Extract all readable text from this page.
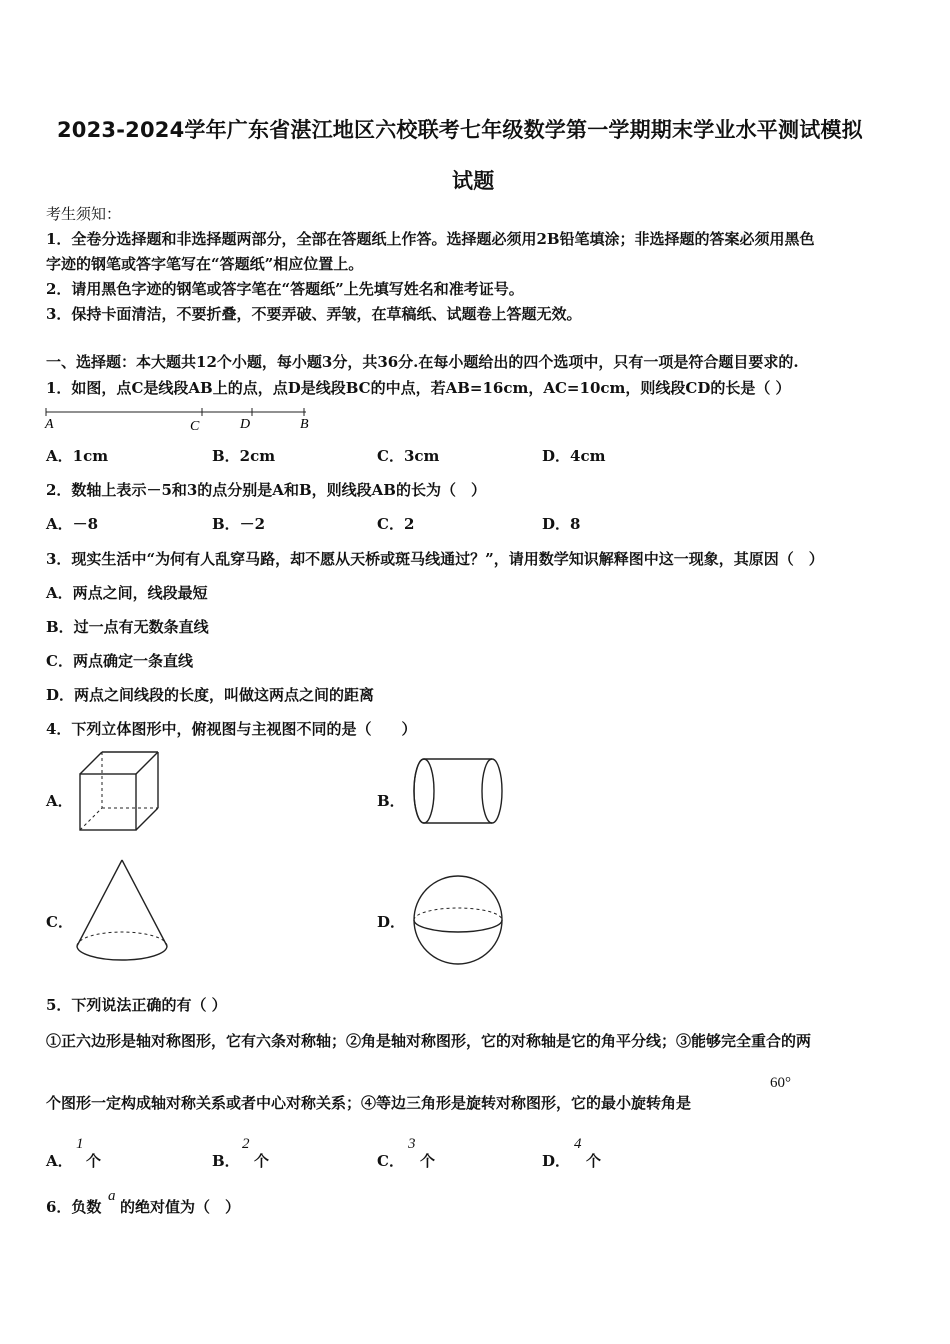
2023-2024学年广东省湛江地区六校联考七年级数学第一学期期末学业水平测试模拟
试题
考生须知：
1．全卷分选择题和非选择题两部分，全部在答题纸上作答。选择题必须用2B铅笔填涂；非选择题的答案必须用黑色
字迹的钢笔或答字笔写在“答题纸”相应位置上。
2．请用黑色字迹的钢笔或答字笔在“答题纸”上先填写姓名和准考证号。
3．保持卡面清洁，不要折叠，不要弄破、弄皱，在草稿纸、试题卷上答题无效。
一、选择题：本大题共12个小题，每小题3分，共36分.在每小题给出的四个选项中，只有一项是符合题目要求的.
1．如图，点C是线段AB上的点，点D是线段BC的中点，若AB=16cm，AC=10cm，则线段CD的长是（ ）
A	C	D	B
A．1cm	B．2cm	C．3cm	D．4cm
2．数轴上表示－5和3的点分别是A和B，则线段AB的长为（　）
A．－8	B．－2	C．2	D．8
3．现实生活中“为何有人乱穿马路，却不愿从天桥或斑马线通过？”，请用数学知识解释图中这一现象，其原因（　）
A．两点之间，线段最短
B．过一点有无数条直线
C．两点确定一条直线
D．两点之间线段的长度，叫做这两点之间的距离
4．下列立体图形中，俯视图与主视图不同的是（　　）
A．	B．
C．	D．
5．下列说法正确的有（ ）
①正六边形是轴对称图形，它有六条对称轴；②角是轴对称图形，它的对称轴是它的角平分线；③能够完全重合的两
个图形一定构成轴对称关系或者中心对称关系；④等边三角形是旋转对称图形，它的最小旋转角是
60°
A．
1
个	B．
2
个	C．
3
个	D．
4
个
6．负数
a
的绝对值为（　）
